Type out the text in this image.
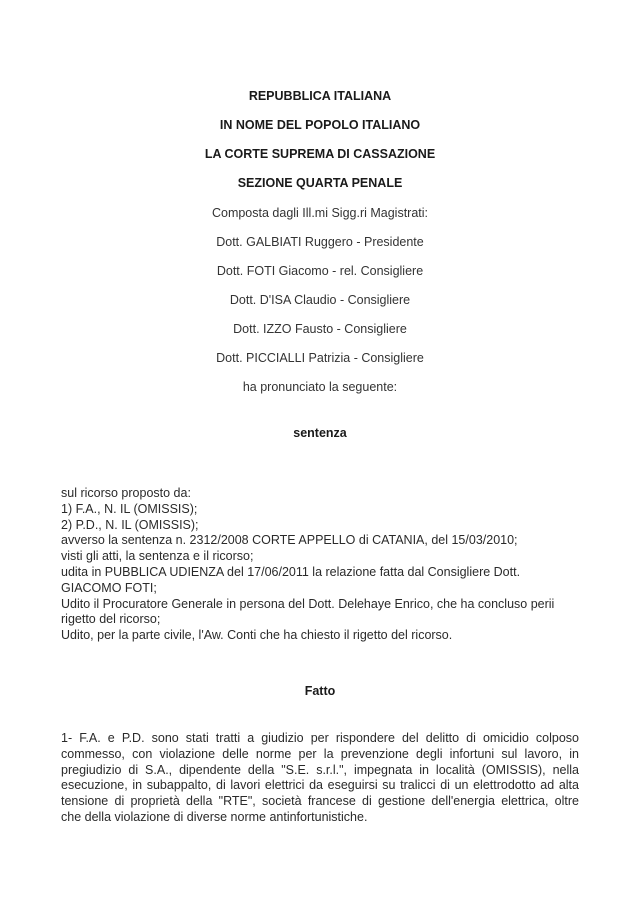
REPUBBLICA ITALIANA
IN NOME DEL POPOLO ITALIANO
LA CORTE SUPREMA DI CASSAZIONE
SEZIONE QUARTA PENALE
Composta dagli Ill.mi Sigg.ri Magistrati:
Dott. GALBIATI Ruggero - Presidente
Dott. FOTI Giacomo - rel. Consigliere
Dott. D'ISA Claudio - Consigliere
Dott. IZZO Fausto - Consigliere
Dott. PICCIALLI Patrizia - Consigliere
ha pronunciato la seguente:
sentenza
sul ricorso proposto da:
1) F.A., N. IL (OMISSIS);
2) P.D., N. IL (OMISSIS);
avverso la sentenza n. 2312/2008 CORTE APPELLO di CATANIA, del 15/03/2010;
visti gli atti, la sentenza e il ricorso;
udita in PUBBLICA UDIENZA del 17/06/2011 la relazione fatta dal Consigliere Dott.
GIACOMO FOTI;
Udito il Procuratore Generale in persona del Dott. Delehaye Enrico, che ha concluso perii
rigetto del ricorso;
Udito, per la parte civile, l'Aw. Conti che ha chiesto il rigetto del ricorso.
Fatto
1- F.A. e P.D. sono stati tratti a giudizio per rispondere del delitto di omicidio colposo
commesso, con violazione delle norme per la prevenzione degli infortuni sul lavoro, in
pregiudizio di S.A., dipendente della "S.E. s.r.l.", impegnata in località (OMISSIS), nella
esecuzione, in subappalto, di lavori elettrici da eseguirsi su tralicci di un elettrodotto ad alta
tensione di proprietà della "RTE", società francese di gestione dell'energia elettrica, oltre
che della violazione di diverse norme antinfortunistiche.
